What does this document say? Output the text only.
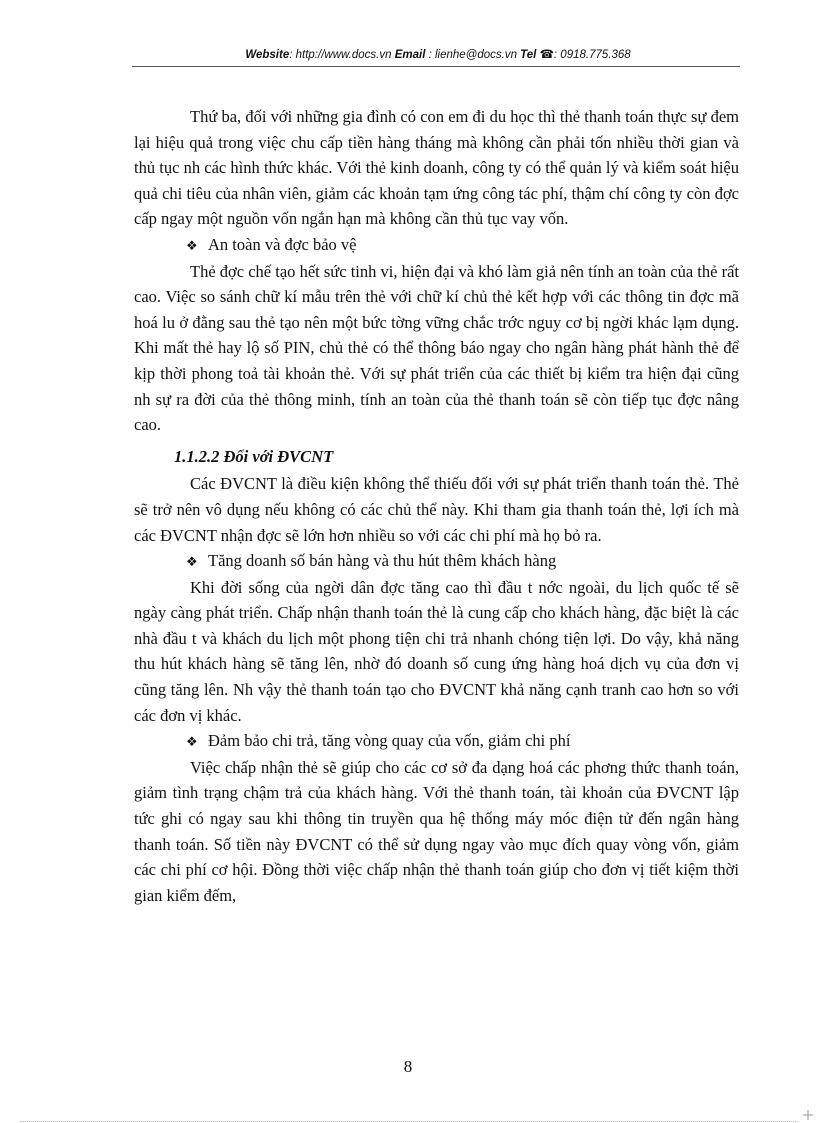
Website: http://www.docs.vn Email : lienhe@docs.vn Tel ☎: 0918.775.368

Thứ ba, đối với những gia đình có con em đi du học thì thẻ thanh toán thực sự đem lại hiệu quả trong việc chu cấp tiền hàng tháng mà không cần phải tốn nhiều thời gian và thủ tục nh các hình thức khác. Với thẻ kinh doanh, công ty có thể quản lý và kiểm soát hiệu quả chi tiêu của nhân viên, giảm các khoản tạm ứng công tác phí, thậm chí công ty còn đợc cấp ngay một nguồn vốn ngắn hạn mà không cần thủ tục vay vốn.

❖ An toàn và đợc bảo vệ

Thẻ đợc chế tạo hết sức tinh vi, hiện đại và khó làm giả nên tính an toàn của thẻ rất cao. Việc so sánh chữ kí mẫu trên thẻ với chữ kí chủ thẻ kết hợp với các thông tin đợc mã hoá lu ở đằng sau thẻ tạo nên một bức tờng vững chắc trớc nguy cơ bị ngời khác lạm dụng. Khi mất thẻ hay lộ số PIN, chủ thẻ có thể thông báo ngay cho ngân hàng phát hành thẻ để kịp thời phong toả tài khoản thẻ. Với sự phát triển của các thiết bị kiểm tra hiện đại cũng nh sự ra đời của thẻ thông minh, tính an toàn của thẻ thanh toán sẽ còn tiếp tục đợc nâng cao.

1.1.2.2 Đối với ĐVCNT

Các ĐVCNT là điều kiện không thể thiếu đối với sự phát triển thanh toán thẻ. Thẻ sẽ trở nên vô dụng nếu không có các chủ thể này. Khi tham gia thanh toán thẻ, lợi ích mà các ĐVCNT nhận đợc sẽ lớn hơn nhiều so với các chi phí mà họ bỏ ra.

❖ Tăng doanh số bán hàng và thu hút thêm khách hàng

Khi đời sống của ngời dân đợc tăng cao thì đầu t nớc ngoài, du lịch quốc tế sẽ ngày càng phát triển. Chấp nhận thanh toán thẻ là cung cấp cho khách hàng, đặc biệt là các nhà đầu t và khách du lịch một phong tiện chi trả nhanh chóng tiện lợi. Do vậy, khả năng thu hút khách hàng sẽ tăng lên, nhờ đó doanh số cung ứng hàng hoá dịch vụ của đơn vị cũng tăng lên. Nh vậy thẻ thanh toán tạo cho ĐVCNT khả năng cạnh tranh cao hơn so với các đơn vị khác.

❖ Đảm bảo chi trả, tăng vòng quay của vốn, giảm chi phí

Việc chấp nhận thẻ sẽ giúp cho các cơ sở đa dạng hoá các phơng thức thanh toán, giảm tình trạng chậm trả của khách hàng. Với thẻ thanh toán, tài khoản của ĐVCNT lập tức ghi có ngay sau khi thông tin truyền qua hệ thống máy móc điện tử đến ngân hàng thanh toán. Số tiền này ĐVCNT có thể sử dụng ngay vào mục đích quay vòng vốn, giảm các chi phí cơ hội. Đồng thời việc chấp nhận thẻ thanh toán giúp cho đơn vị tiết kiệm thời gian kiểm đếm,

8
